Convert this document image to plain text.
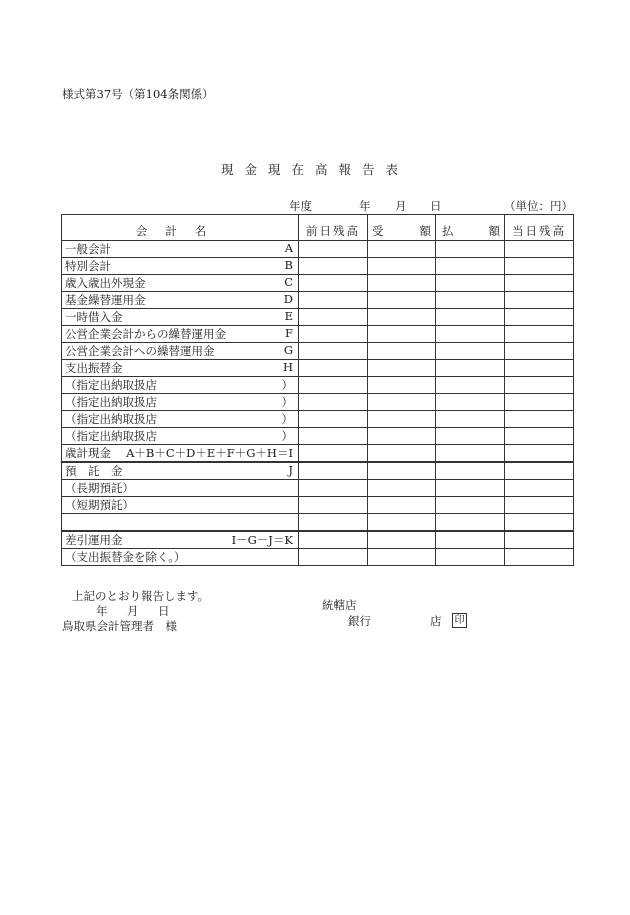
様式第37号（第104条関係）
現金現在高報告表
年度	年 月 日	（単位：円）
会計名	前日残高	受 額	払 額	当日残高

一般会計 A				

特別会計 B				

歳入歳出外現金 C				

基金繰替運用金 D				

一時借入金 E				

公営企業会計からの繰替運用金 F				

公営企業会計への繰替運用金 G				

支出振替金 H				

（指定出納取扱店 ）				

（指定出納取扱店 ）				

（指定出納取扱店 ）				

（指定出納取扱店 ）				

歳計現金 A＋B＋C＋D＋E＋F＋G＋H＝I				

預　託　金 J				

（長期預託）				

（短期預託）				

差引運用金 I－G－J＝K				

（支出振替金を除く。）				

上記のとおり報告します。
年　月　日
鳥取県会計管理者　様
統轄店
銀行	店 印
